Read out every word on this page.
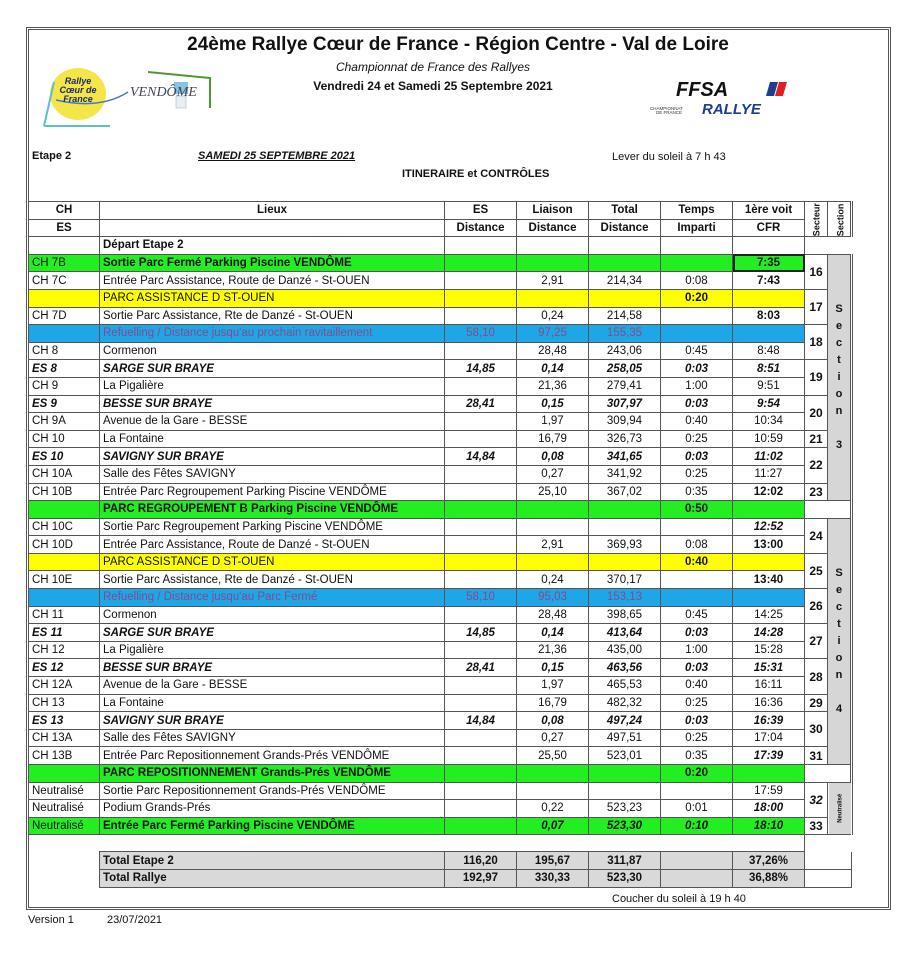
24ème Rallye Cœur de France - Région Centre - Val de Loire
Championnat de France des Rallyes
Vendredi 24 et Samedi 25 Septembre 2021
Rallye
Cœur de
France	VENDÔME	FFSA
CHAMPIONNAT
DE FRANCE RALLYE
Etape 2	SAMEDI 25 SEPTEMBRE 2021	Lever du soleil à 7 h 43
ITINERAIRE et CONTRÔLES
CH	Lieux	ES	Liaison	Total	Temps	1ère voit	Secteur	Section
ES		Distance	Distance	Distance	Imparti	CFR		
	Départ Etape 2							
CH 7B	Sortie Parc Fermé Parking Piscine VENDÔME					7:35	16	
S
e
c
t
i
o
n
3

CH 7C	Entrée Parc Assistance, Route de Danzé - St-OUEN		2,91	214,34	0:08	7:43		
	PARC ASSISTANCE D ST-OUEN				0:20		17	
CH 7D	Sortie Parc Assistance, Rte de Danzé - St-OUEN		0,24	214,58		8:03		
	Refuelling / Distance jusqu'au prochain ravitaillement	58,10	97,25	155,35			18	
CH 8	Cormenon		28,48	243,06	0:45	8:48		
ES 8	SARGE SUR BRAYE	14,85	0,14	258,05	0:03	8:51	19	
CH 9	La Pigalière		21,36	279,41	1:00	9:51		
ES 9	BESSE SUR BRAYE	28,41	0,15	307,97	0:03	9:54	20	
CH 9A	Avenue de la Gare - BESSE		1,97	309,94	0:40	10:34		
CH 10	La Fontaine		16,79	326,73	0:25	10:59	21	
ES 10	SAVIGNY SUR BRAYE	14,84	0,08	341,65	0:03	11:02	22	
CH 10A	Salle des Fêtes SAVIGNY		0,27	341,92	0:25	11:27		
CH 10B	Entrée Parc Regroupement Parking Piscine VENDÔME		25,10	367,02	0:35	12:02	23	
	PARC REGROUPEMENT B Parking Piscine VENDÔME				0:50			
CH 10C	Sortie Parc Regroupement Parking Piscine VENDÔME					12:52	24	
S
e
c
t
i
o
n
4

CH 10D	Entrée Parc Assistance, Route de Danzé - St-OUEN		2,91	369,93	0:08	13:00		
	PARC ASSISTANCE D ST-OUEN				0:40		25	
CH 10E	Sortie Parc Assistance, Rte de Danzé - St-OUEN		0,24	370,17		13:40		
	Refuelling / Distance jusqu'au Parc Fermé	58,10	95,03	153,13			26	
CH 11	Cormenon		28,48	398,65	0:45	14:25		
ES 11	SARGE SUR BRAYE	14,85	0,14	413,64	0:03	14:28	27	
CH 12	La Pigalière		21,36	435,00	1:00	15:28		
ES 12	BESSE SUR BRAYE	28,41	0,15	463,56	0:03	15:31	28	
CH 12A	Avenue de la Gare - BESSE		1,97	465,53	0:40	16:11		
CH 13	La Fontaine		16,79	482,32	0:25	16:36	29	
ES 13	SAVIGNY SUR BRAYE	14,84	0,08	497,24	0:03	16:39	30	
CH 13A	Salle des Fêtes SAVIGNY		0,27	497,51	0:25	17:04		
CH 13B	Entrée Parc Repositionnement Grands-Prés VENDÔME		25,50	523,01	0:35	17:39	31	
	PARC REPOSITIONNEMENT Grands-Prés VENDÔME				0:20			
Neutralisé	Sortie Parc Repositionnement Grands-Prés VENDÔME					17:59	32	Neutralisé
Neutralisé	Podium Grands-Prés		0,22	523,23	0:01	18:00		
Neutralisé	Entrée Parc Fermé Parking Piscine VENDÔME		0,07	523,30	0:10	18:10	33	

	Total Etape 2	116,20	195,67	311,87		37,26%		
	Total Rallye	192,97	330,33	523,30		36,88%		
Coucher du soleil à 19 h 40
Version 1	23/07/2021
